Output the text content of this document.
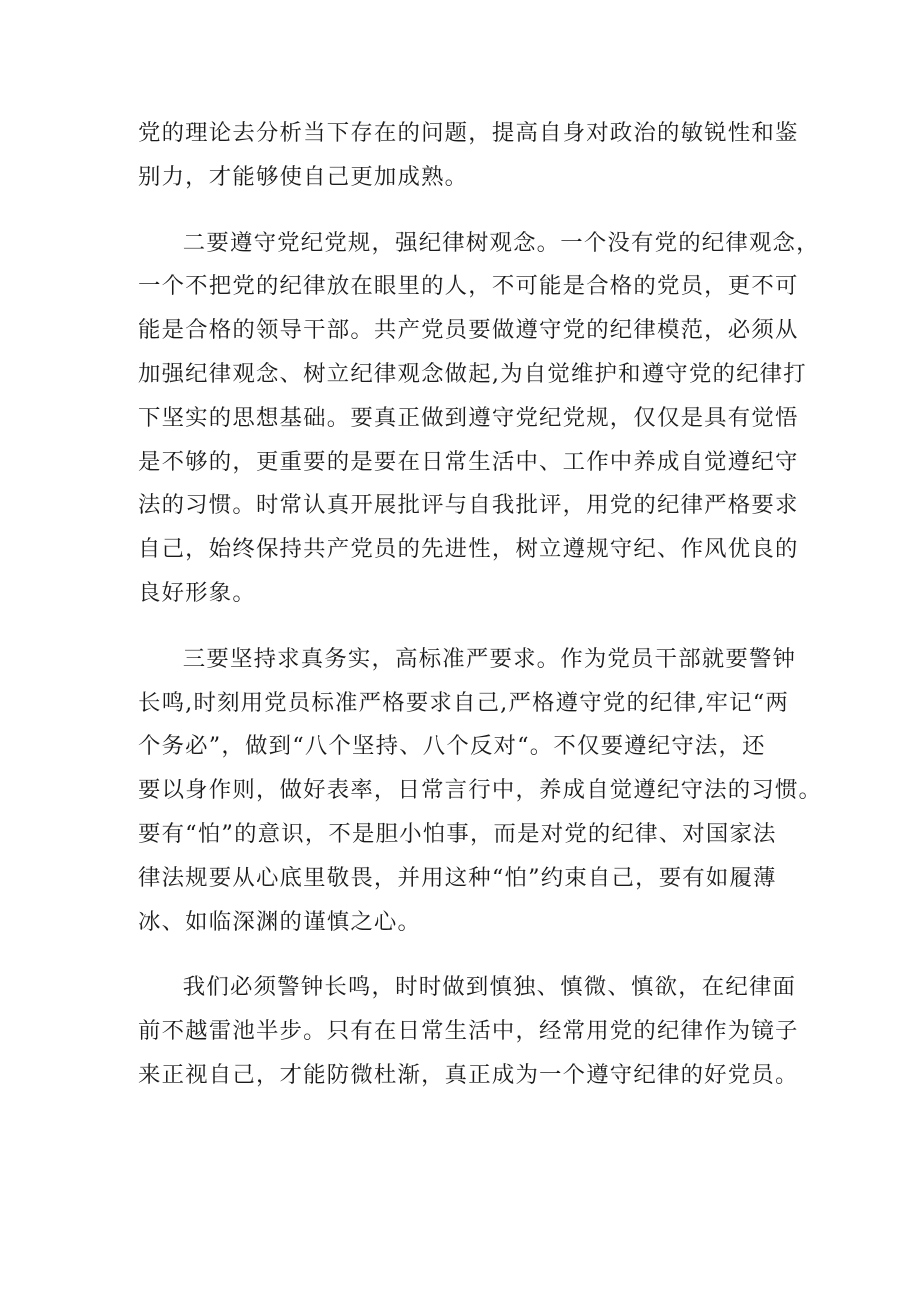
党的理论去分析当下存在的问题，提高自身对政治的敏锐性和鉴
别力，才能够使自己更加成熟。

二要遵守党纪党规，强纪律树观念。一个没有党的纪律观念，
一个不把党的纪律放在眼里的人，不可能是合格的党员，更不可
能是合格的领导干部。共产党员要做遵守党的纪律模范，必须从
加强纪律观念、树立纪律观念做起,为自觉维护和遵守党的纪律打
下坚实的思想基础。要真正做到遵守党纪党规，仅仅是具有觉悟
是不够的，更重要的是要在日常生活中、工作中养成自觉遵纪守
法的习惯。时常认真开展批评与自我批评，用党的纪律严格要求
自己，始终保持共产党员的先进性，树立遵规守纪、作风优良的
良好形象。

三要坚持求真务实，高标准严要求。作为党员干部就要警钟
长鸣,时刻用党员标准严格要求自己,严格遵守党的纪律,牢记“两
个务必”，做到“八个坚持、八个反对“。不仅要遵纪守法，还
要以身作则，做好表率，日常言行中，养成自觉遵纪守法的习惯。
要有“怕”的意识，不是胆小怕事，而是对党的纪律、对国家法
律法规要从心底里敬畏，并用这种“怕”约束自己，要有如履薄
冰、如临深渊的谨慎之心。

我们必须警钟长鸣，时时做到慎独、慎微、慎欲，在纪律面
前不越雷池半步。只有在日常生活中，经常用党的纪律作为镜子
来正视自己，才能防微杜渐，真正成为一个遵守纪律的好党员。
